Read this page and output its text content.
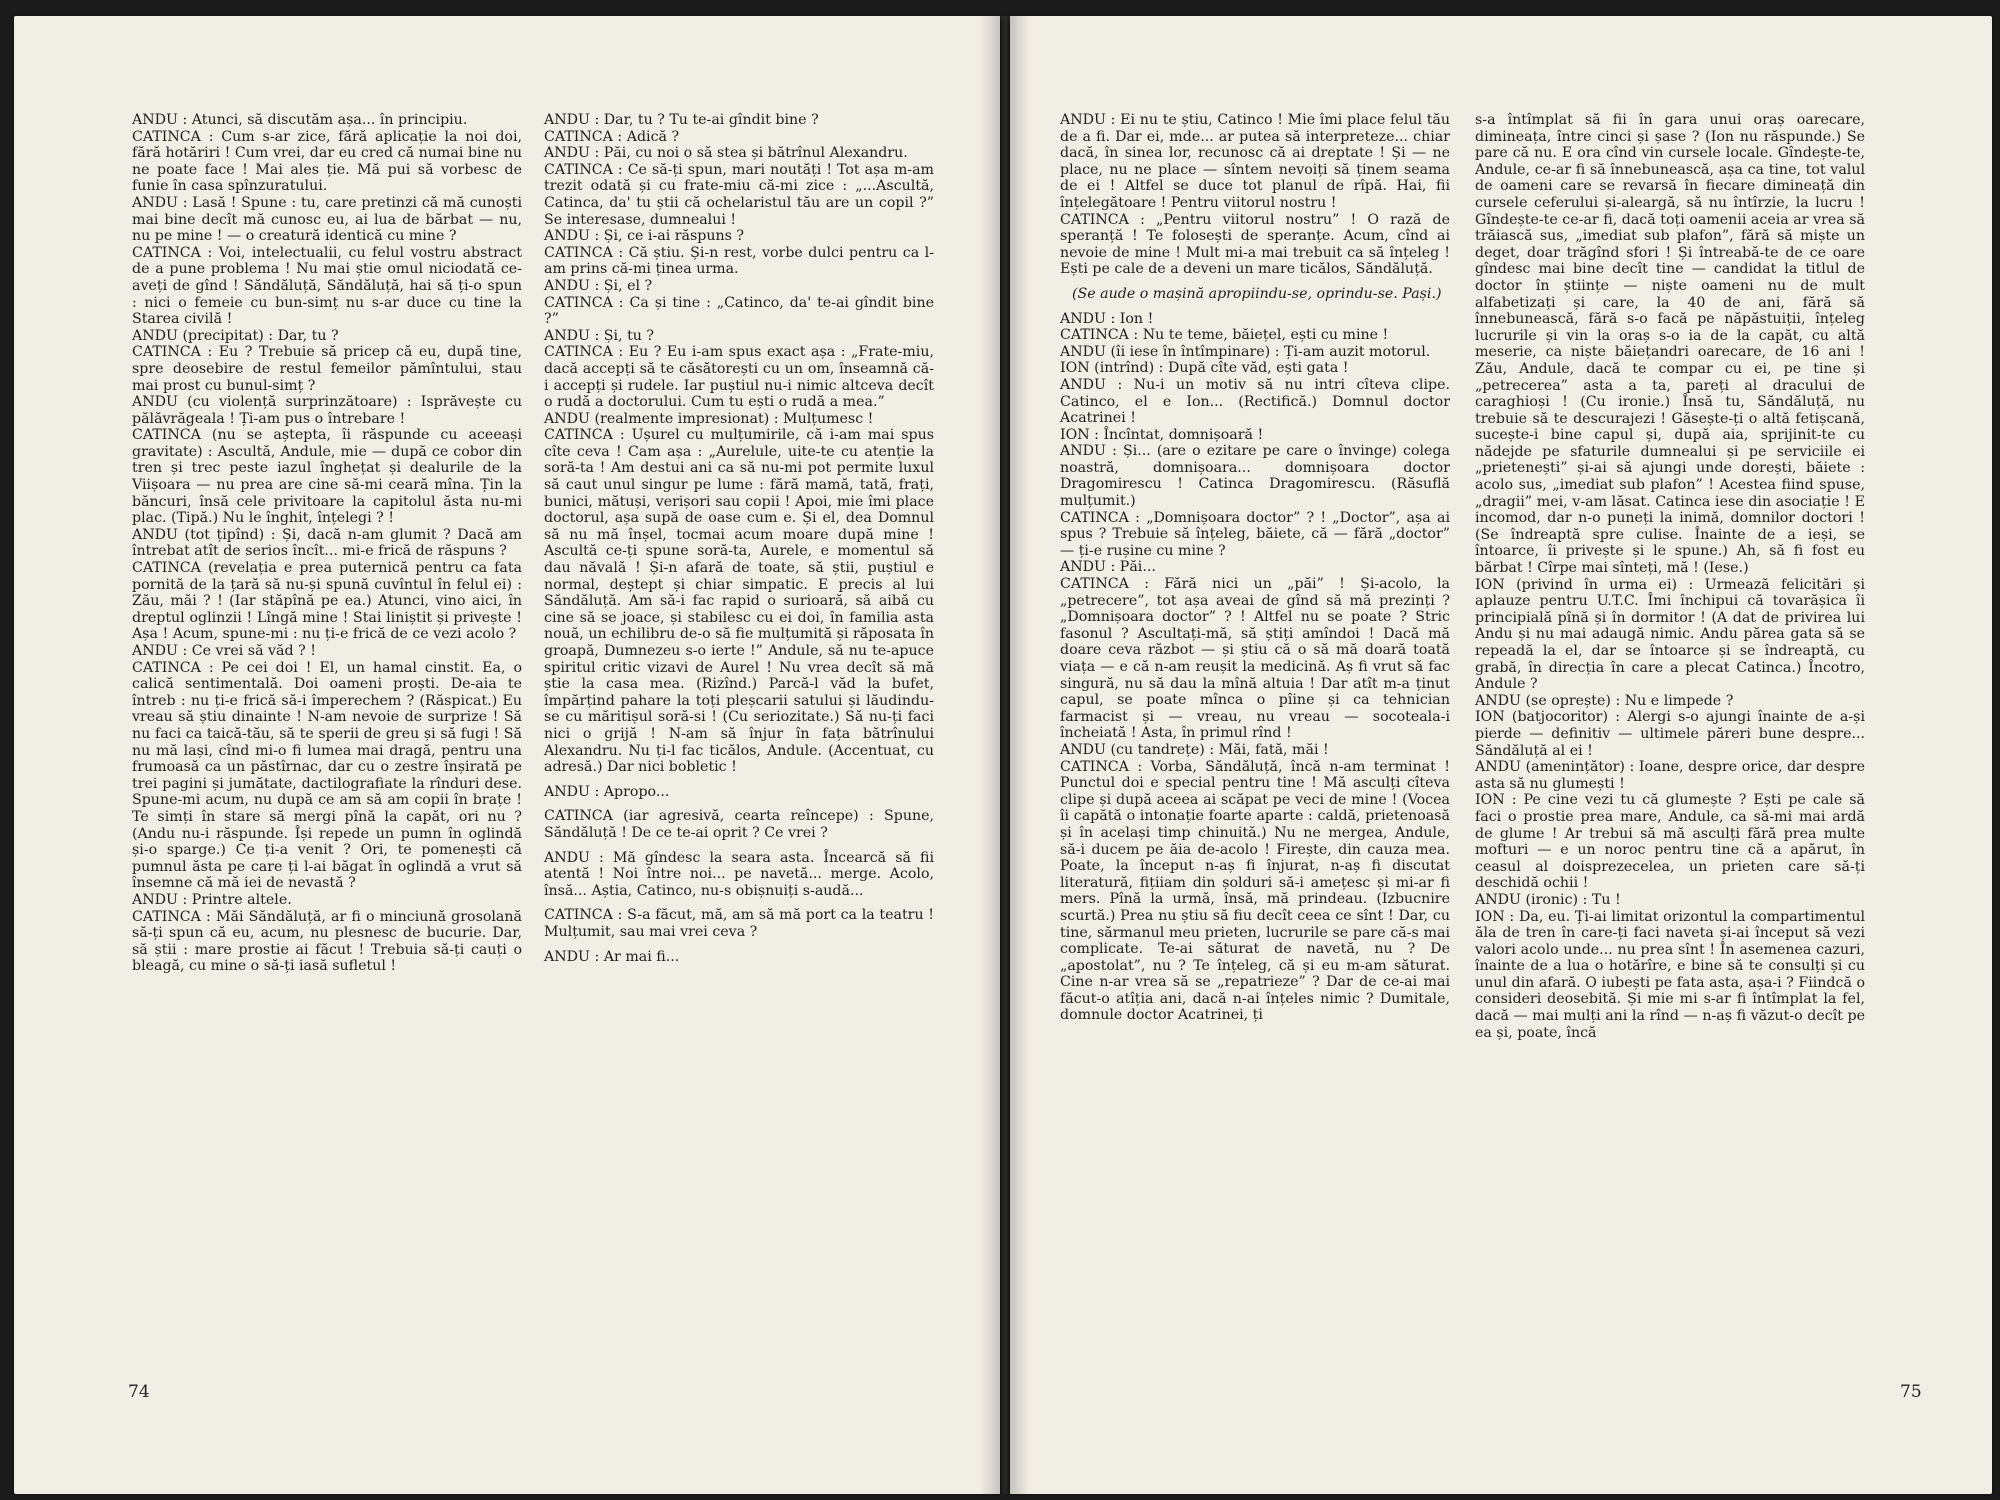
ANDU : Atunci, să discutăm așa... în principiu.

CATINCA : Cum s-ar zice, fără aplicație la noi doi, fără hotăriri ! Cum vrei, dar eu cred că numai bine nu ne poate face ! Mai ales ție. Mă pui să vorbesc de funie în casa spînzuratului.

ANDU : Lasă ! Spune : tu, care pretinzi că mă cunoști mai bine decît mă cunosc eu, ai lua de bărbat — nu, nu pe mine ! — o creatură identică cu mine ?

CATINCA : Voi, intelectualii, cu felul vostru abstract de a pune problema ! Nu mai știe omul niciodată ce-aveți de gînd ! Săndăluță, Săndăluță, hai să ți-o spun : nici o femeie cu bun-simț nu s-ar duce cu tine la Starea civilă !

ANDU (precipitat) : Dar, tu ?

CATINCA : Eu ? Trebuie să pricep că eu, după tine, spre deosebire de restul femeilor pămîntului, stau mai prost cu bunul-simț ?

ANDU (cu violență surprinzătoare) : Isprăvește cu pălăvrăgeala ! Ți-am pus o întrebare !

CATINCA (nu se aștepta, îi răspunde cu aceeași gravitate) : Ascultă, Andule, mie — după ce cobor din tren și trec peste iazul înghețat și dealurile de la Viișoara — nu prea are cine să-mi ceară mîna. Țin la băncuri, însă cele privitoare la capitolul ăsta nu-mi plac. (Tipă.) Nu le înghit, înțelegi ? !

ANDU (tot țipînd) : Și, dacă n-am glumit ? Dacă am întrebat atît de serios încît... mi-e frică de răspuns ?

CATINCA (revelația e prea puternică pentru ca fata pornită de la țară să nu-și spună cuvîntul în felul ei) : Zău, măi ? ! (Iar stăpînă pe ea.) Atunci, vino aici, în dreptul oglinzii ! Lîngă mine ! Stai liniștit și privește ! Așa ! Acum, spune-mi : nu ți-e frică de ce vezi acolo ?

ANDU : Ce vrei să văd ? !

CATINCA : Pe cei doi ! El, un hamal cinstit. Ea, o calică sentimentală. Doi oameni proști. De-aia te întreb : nu ți-e frică să-i împerechem ? (Răspicat.) Eu vreau să știu dinainte ! N-am nevoie de surprize ! Să nu faci ca taică-tău, să te sperii de greu și să fugi ! Să nu mă lași, cînd mi-o fi lumea mai dragă, pentru una frumoasă ca un păstîrnac, dar cu o zestre înșirată pe trei pagini și jumătate, dactilografiate la rînduri dese. Spune-mi acum, nu după ce am să am copii în brațe ! Te simți în stare să mergi pînă la capăt, ori nu ? (Andu nu-i răspunde. Își repede un pumn în oglindă și-o sparge.) Ce ți-a venit ? Ori, te pomenești că pumnul ăsta pe care ți l-ai băgat în oglindă a vrut să însemne că mă iei de nevastă ?

ANDU : Printre altele.

CATINCA : Măi Săndăluță, ar fi o minciună grosolană să-ți spun că eu, acum, nu plesnesc de bucurie. Dar, să știi : mare prostie ai făcut ! Trebuia să-ți cauți o bleagă, cu mine o să-ți iasă sufletul !

ANDU : Dar, tu ? Tu te-ai gîndit bine ?

CATINCA : Adică ?

ANDU : Păi, cu noi o să stea și bătrînul Alexandru.

CATINCA : Ce să-ți spun, mari noutăți ! Tot așa m-am trezit odată și cu frate-miu că-mi zice : „...Ascultă, Catinca, da' tu știi că ochelaristul tău are un copil ?” Se interesase, dumnealui !

ANDU : Și, ce i-ai răspuns ?

CATINCA : Că știu. Și-n rest, vorbe dulci pentru ca l-am prins că-mi ținea urma.

ANDU : Și, el ?

CATINCA : Ca și tine : „Catinco, da' te-ai gîndit bine ?”

ANDU : Și, tu ?

CATINCA : Eu ? Eu i-am spus exact așa : „Frate-miu, dacă accepți să te căsătorești cu un om, înseamnă că-i accepți și rudele. Iar puștiul nu-i nimic altceva decît o rudă a doctorului. Cum tu ești o rudă a mea.”

ANDU (realmente impresionat) : Mulțumesc !

CATINCA : Ușurel cu mulțumirile, că i-am mai spus cîte ceva ! Cam așa : „Aurelule, uite-te cu atenție la soră-ta ! Am destui ani ca să nu-mi pot permite luxul să caut unul singur pe lume : fără mamă, tată, frați, bunici, mătuși, verișori sau copii ! Apoi, mie îmi place doctorul, așa supă de oase cum e. Și el, dea Domnul să nu mă înșel, tocmai acum moare după mine ! Ascultă ce-ți spune soră-ta, Aurele, e momentul să dau năvală ! Și-n afară de toate, să știi, puștiul e normal, deștept și chiar simpatic. E precis al lui Săndăluță. Am să-i fac rapid o surioară, să aibă cu cine să se joace, și stabilesc cu ei doi, în familia asta nouă, un echilibru de-o să fie mulțumită și răposata în groapă, Dumnezeu s-o ierte !” Andule, să nu te-apuce spiritul critic vizavi de Aurel ! Nu vrea decît să mă știe la casa mea. (Rizînd.) Parcă-l văd la bufet, împărțind pahare la toți pleșcarii satului și lăudindu-se cu măritișul soră-si ! (Cu seriozitate.) Să nu-ți faci nici o grijă ! N-am să înjur în fața bătrînului Alexandru. Nu ți-l fac ticălos, Andule. (Accentuat, cu adresă.) Dar nici bobletic !

ANDU : Apropo...

CATINCA (iar agresivă, cearta reîncepe) : Spune, Săndăluță ! De ce te-ai oprit ? Ce vrei ?

ANDU : Mă gîndesc la seara asta. Încearcă să fii atentă ! Noi între noi... pe navetă... merge. Acolo, însă... Aștia, Catinco, nu-s obișnuiți s-audă...

CATINCA : S-a făcut, mă, am să mă port ca la teatru ! Mulțumit, sau mai vrei ceva ?

ANDU : Ar mai fi...

74

ANDU : Ei nu te știu, Catinco ! Mie îmi place felul tău de a fi. Dar ei, mde... ar putea să interpreteze... chiar dacă, în sinea lor, recunosc că ai dreptate ! Și — ne place, nu ne place — sîntem nevoiți să ținem seama de ei ! Altfel se duce tot planul de rîpă. Hai, fii înțelegătoare ! Pentru viitorul nostru !

CATINCA : „Pentru viitorul nostru” ! O rază de speranță ! Te folosești de speranțe. Acum, cînd ai nevoie de mine ! Mult mi-a mai trebuit ca să înțeleg ! Ești pe cale de a deveni un mare ticălos, Săndăluță.

(Se aude o mașină apropiindu-se, oprindu-se. Pași.)

ANDU : Ion !

CATINCA : Nu te teme, băiețel, ești cu mine !

ANDU (îi iese în întîmpinare) : Ți-am auzit motorul.

ION (intrînd) : După cîte văd, ești gata !

ANDU : Nu-i un motiv să nu intri cîteva clipe. Catinco, el e Ion... (Rectifică.) Domnul doctor Acatrinei !

ION : Încîntat, domnișoară !

ANDU : Și... (are o ezitare pe care o învinge) colega noastră, domnișoara... domnișoara doctor Dragomirescu ! Catinca Dragomirescu. (Răsuflă mulțumit.)

CATINCA : „Domnișoara doctor” ? ! „Doctor”, așa ai spus ? Trebuie să înțeleg, băiete, că — fără „doctor” — ți-e rușine cu mine ?

ANDU : Păi...

CATINCA : Fără nici un „păi” ! Și-acolo, la „petrecere”, tot așa aveai de gînd să mă prezinți ? „Domnișoara doctor” ? ! Altfel nu se poate ? Stric fasonul ? Ascultați-mă, să știți amîndoi ! Dacă mă doare ceva războt — și știu că o să mă doară toată viața — e că n-am reușit la medicină. Aș fi vrut să fac singură, nu să dau la mînă altuia ! Dar atît m-a ținut capul, se poate mînca o pîine și ca tehnician farmacist și — vreau, nu vreau — socoteala-i încheiată ! Asta, în primul rînd !

ANDU (cu tandrețe) : Măi, fată, măi !

CATINCA : Vorba, Săndăluță, încă n-am terminat ! Punctul doi e special pentru tine ! Mă asculți cîteva clipe și după aceea ai scăpat pe veci de mine ! (Vocea îi capătă o intonație foarte aparte : caldă, prietenoasă și în același timp chinuită.) Nu ne mergea, Andule, să-i ducem pe ăia de-acolo ! Firește, din cauza mea. Poate, la început n-aș fi înjurat, n-aș fi discutat literatură, fițiiam din șolduri să-i amețesc și mi-ar fi mers. Pînă la urmă, însă, mă prindeau. (Izbucnire scurtă.) Prea nu știu să fiu decît ceea ce sînt ! Dar, cu tine, sărmanul meu prieten, lucrurile se pare că-s mai complicate. Te-ai săturat de navetă, nu ? De „apostolat”, nu ? Te înțeleg, că și eu m-am săturat. Cine n-ar vrea să se „repatrieze” ? Dar de ce-ai mai făcut-o atîția ani, dacă n-ai înțeles nimic ? Dumitale, domnule doctor Acatrinei, ți

s-a întîmplat să fii în gara unui oraș oarecare, dimineața, între cinci și șase ? (Ion nu răspunde.) Se pare că nu. E ora cînd vin cursele locale. Gîndește-te, Andule, ce-ar fi să înnebunească, așa ca tine, tot valul de oameni care se revarsă în fiecare dimineață din cursele ceferului și-aleargă, să nu întîrzie, la lucru ! Gîndește-te ce-ar fi, dacă toți oamenii aceia ar vrea să trăiască sus, „imediat sub plafon”, fără să miște un deget, doar trăgînd sfori ! Și întreabă-te de ce oare gîndesc mai bine decît tine — candidat la titlul de doctor în științe — niște oameni nu de mult alfabetizați și care, la 40 de ani, fără să înnebunească, fără s-o facă pe năpăstuiții, înțeleg lucrurile și vin la oraș s-o ia de la capăt, cu altă meserie, ca niște băiețandri oarecare, de 16 ani ! Zău, Andule, dacă te compar cu ei, pe tine și „petrecerea” asta a ta, pareți al dracului de caraghioși ! (Cu ironie.) Însă tu, Săndăluță, nu trebuie să te descurajezi ! Găsește-ți o altă fetișcană, sucește-i bine capul și, după aia, sprijinit-te cu nădejde pe sfaturile dumnealui și pe serviciile ei „prietenești” și-ai să ajungi unde dorești, băiete : acolo sus, „imediat sub plafon” ! Acestea fiind spuse, „dragii” mei, v-am lăsat. Catinca iese din asociație ! E incomod, dar n-o puneți la inimă, domnilor doctori ! (Se îndreaptă spre culise. Înainte de a ieși, se întoarce, îi privește și le spune.) Ah, să fi fost eu bărbat ! Cîrpe mai sînteți, mă ! (Iese.)

ION (privind în urma ei) : Urmează felicitări și aplauze pentru U.T.C. Îmi închipui că tovarășica îi principială pînă și în dormitor ! (A dat de privirea lui Andu și nu mai adaugă nimic. Andu părea gata să se repeadă la el, dar se întoarce și se îndreaptă, cu grabă, în direcția în care a plecat Catinca.) Încotro, Andule ?

ANDU (se oprește) : Nu e limpede ?

ION (batjocoritor) : Alergi s-o ajungi înainte de a-și pierde — definitiv — ultimele păreri bune despre... Săndăluță al ei !

ANDU (amenințător) : Ioane, despre orice, dar despre asta să nu glumești !

ION : Pe cine vezi tu că glumește ? Ești pe cale să faci o prostie prea mare, Andule, ca să-mi mai ardă de glume ! Ar trebui să mă asculți fără prea multe mofturi — e un noroc pentru tine că a apărut, în ceasul al doisprezecelea, un prieten care să-ți deschidă ochii !

ANDU (ironic) : Tu !

ION : Da, eu. Ți-ai limitat orizontul la compartimentul ăla de tren în care-ți faci naveta și-ai început să vezi valori acolo unde... nu prea sînt ! În asemenea cazuri, înainte de a lua o hotărîre, e bine să te consulți și cu unul din afară. O iubești pe fata asta, așa-i ? Fiindcă o consideri deosebită. Și mie mi s-ar fi întîmplat la fel, dacă — mai mulți ani la rînd — n-aș fi văzut-o decît pe ea și, poate, încă

75
